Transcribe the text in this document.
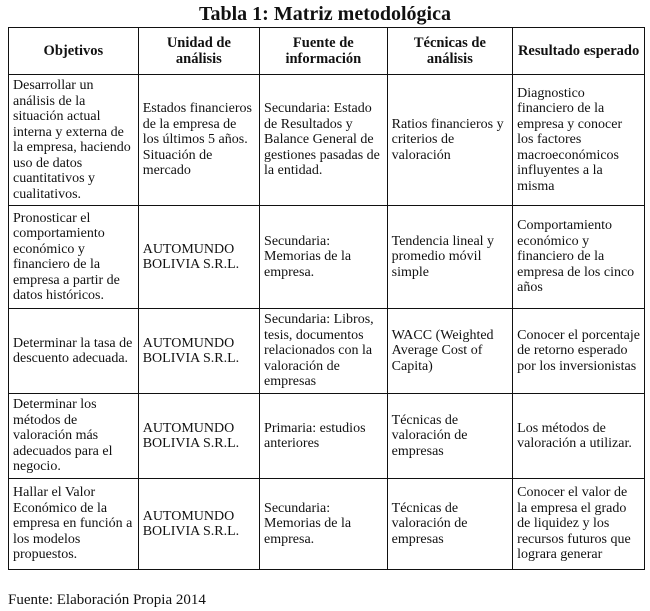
Tabla 1: Matriz metodológica
Objetivos	Unidad de análisis	Fuente de información	Técnicas de análisis	Resultado esperado
Desarrollar un análisis de la situación actual interna y externa de la empresa, haciendo uso de datos cuantitativos y cualitativos.	Estados financieros de la empresa de los últimos 5 años. Situación de mercado	Secundaria: Estado de Resultados y Balance General de gestiones pasadas de la entidad.	Ratios financieros y criterios de valoración	Diagnostico financiero de la empresa y conocer los factores macroeconómicos influyentes a la misma
Pronosticar el comportamiento económico y financiero de la empresa a partir de datos históricos.	AUTOMUNDO BOLIVIA S.R.L.	Secundaria: Memorias de la empresa.	Tendencia lineal y promedio móvil simple	Comportamiento económico y financiero de la empresa de los cinco años
Determinar la tasa de descuento adecuada.	AUTOMUNDO BOLIVIA S.R.L.	Secundaria: Libros, tesis, documentos relacionados con la valoración de empresas	WACC (Weighted Average Cost of Capita)	Conocer el porcentaje de retorno esperado por los inversionistas
Determinar los métodos de valoración más adecuados para el negocio.	AUTOMUNDO BOLIVIA S.R.L.	Primaria: estudios anteriores	Técnicas de valoración de empresas	Los métodos de valoración a utilizar.
Hallar el Valor Económico de la empresa en función a los modelos propuestos.	AUTOMUNDO BOLIVIA S.R.L.	Secundaria: Memorias de la empresa.	Técnicas de valoración de empresas	Conocer el valor de la empresa el grado de liquidez y los recursos futuros que lograra generar
Fuente: Elaboración Propia 2014
